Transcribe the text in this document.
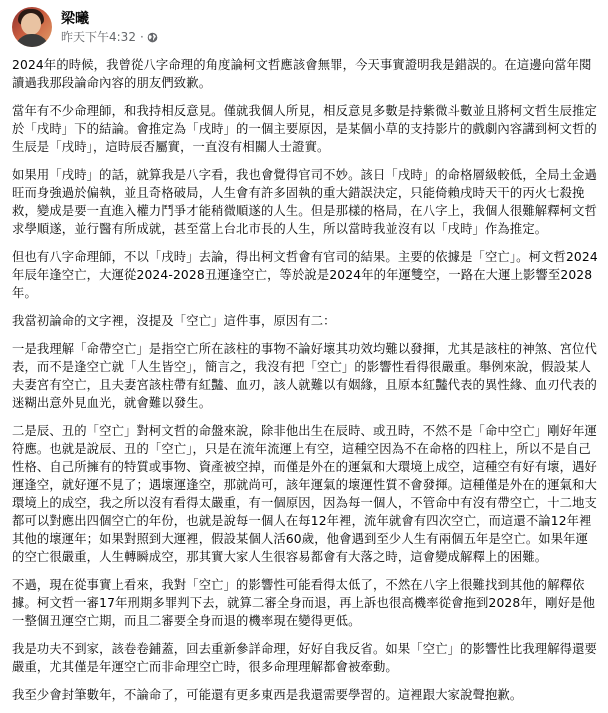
梁曦
昨天下午4:32 ·

2024年的時候，我曾從八字命理的角度論柯文哲應該會無罪，今天事實證明我是錯誤的。在這邊向當年閱讀過我那段論命內容的朋友們致歉。

當年有不少命理師，和我持相反意見。僅就我個人所見，相反意見多數是持紫微斗數並且將柯文哲生辰推定於「戌時」下的結論。會推定為「戌時」的一個主要原因，是某個小草的支持影片的戲劇內容講到柯文哲的生辰是「戌時」，這時辰否屬實，一直沒有相關人士證實。

如果用「戌時」的話，就算我是八字看，我也會覺得官司不妙。該日「戌時」的命格層級較低，全局土金過旺而身強過於偏執，並且奇格破局，人生會有許多固執的重大錯誤決定，只能倚賴戌時天干的丙火七殺挽救，變成是要一直進入權力鬥爭才能稍微順遂的人生。但是那樣的格局，在八字上，我個人很難解釋柯文哲求學順遂，並行醫有所成就，甚至當上台北市長的人生，所以當時我並沒有以「戌時」作為推定。

但也有八字命理師，不以「戌時」去論，得出柯文哲會有官司的結果。主要的依據是「空亡」。柯文哲2024年辰年逢空亡，大運從2024-2028丑運逢空亡，等於說是2024年的年運雙空，一路在大運上影響至2028年。

我當初論命的文字裡，沒提及「空亡」這件事，原因有二：

一是我理解「命帶空亡」是指空亡所在該柱的事物不論好壞其功效均難以發揮，尤其是該柱的神煞、宮位代表，而不是逢空亡就「人生皆空」，簡言之，我沒有把「空亡」的影響性看得很嚴重。舉例來說，假設某人夫妻宮有空亡，且夫妻宮該柱帶有紅豔、血刃，該人就難以有姻緣，且原本紅豔代表的異性緣、血刃代表的迷糊出意外見血光，就會難以發生。

二是辰、丑的「空亡」對柯文哲的命盤來說，除非他出生在辰時、或丑時，不然不是「命中空亡」剛好年運符應。也就是說辰、丑的「空亡」，只是在流年流運上有空，這種空因為不在命格的四柱上，所以不是自己性格、自己所擁有的特質或事物、資產被空掉，而僅是外在的運氣和大環境上成空，這種空有好有壞，遇好運逢空，就好運不見了；遇壞運逢空，那就尚可，該年運氣的壞運性質不會發揮。這種僅是外在的運氣和大環境上的成空，我之所以沒有看得太嚴重，有一個原因，因為每一個人，不管命中有沒有帶空亡，十二地支都可以對應出四個空亡的年份，也就是說每一個人在每12年裡，流年就會有四次空亡，而這還不論12年裡其他的壞運年；如果對照到大運裡，假設某個人活60歲，他會遇到至少人生有兩個五年是空亡。如果年運的空亡很嚴重，人生轉瞬成空，那其實大家人生很容易都會有大落之時，這會變成解釋上的困難。

不過，現在從事實上看來，我對「空亡」的影響性可能看得太低了，不然在八字上很難找到其他的解釋依據。柯文哲一審17年刑期多罪判下去，就算二審全身而退，再上訴也很高機率從會拖到2028年，剛好是他一整個丑運空亡期，而且二審要全身而退的機率現在變得更低。

我是功夫不到家，該卷卷鋪蓋，回去重新參詳命理，好好自我反省。如果「空亡」的影響性比我理解得還要嚴重，尤其僅是年運空亡而非命理空亡時，很多命理理解都會被牽動。

我至少會封筆數年，不論命了，可能還有更多東西是我還需要學習的。這裡跟大家說聲抱歉。
